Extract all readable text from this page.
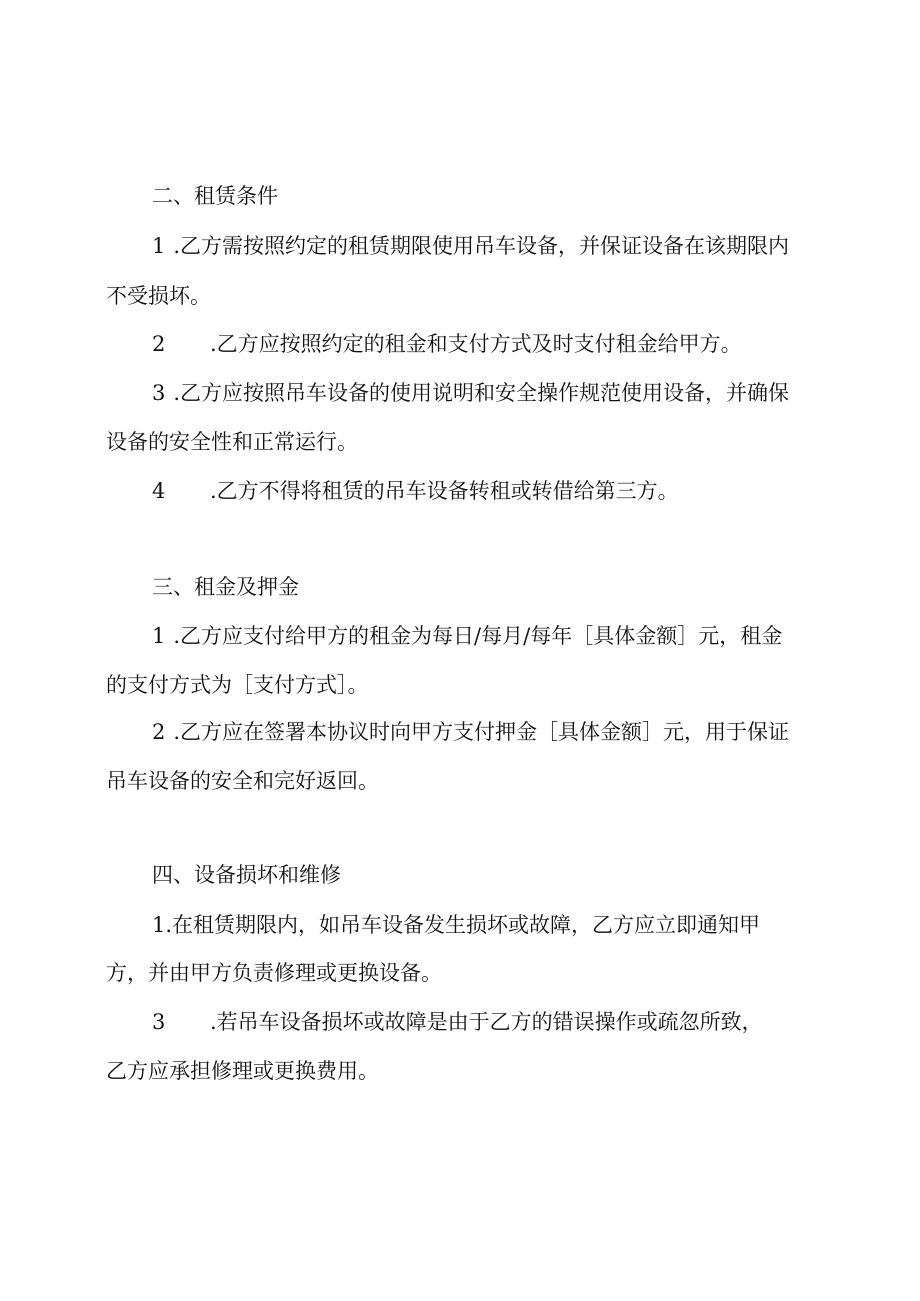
二、租赁条件
1 .乙方需按照约定的租赁期限使用吊车设备，并保证设备在该期限内
不受损坏。
2 .乙方应按照约定的租金和支付方式及时支付租金给甲方。
3 .乙方应按照吊车设备的使用说明和安全操作规范使用设备，并确保
设备的安全性和正常运行。
4 .乙方不得将租赁的吊车设备转租或转借给第三方。
三、租金及押金
1 .乙方应支付给甲方的租金为每日/每月/每年［具体金额］元，租金
的支付方式为［支付方式］。
2 .乙方应在签署本协议时向甲方支付押金［具体金额］元，用于保证
吊车设备的安全和完好返回。
四、设备损坏和维修
1.在租赁期限内，如吊车设备发生损坏或故障，乙方应立即通知甲
方，并由甲方负责修理或更换设备。
3 .若吊车设备损坏或故障是由于乙方的错误操作或疏忽所致，
乙方应承担修理或更换费用。
